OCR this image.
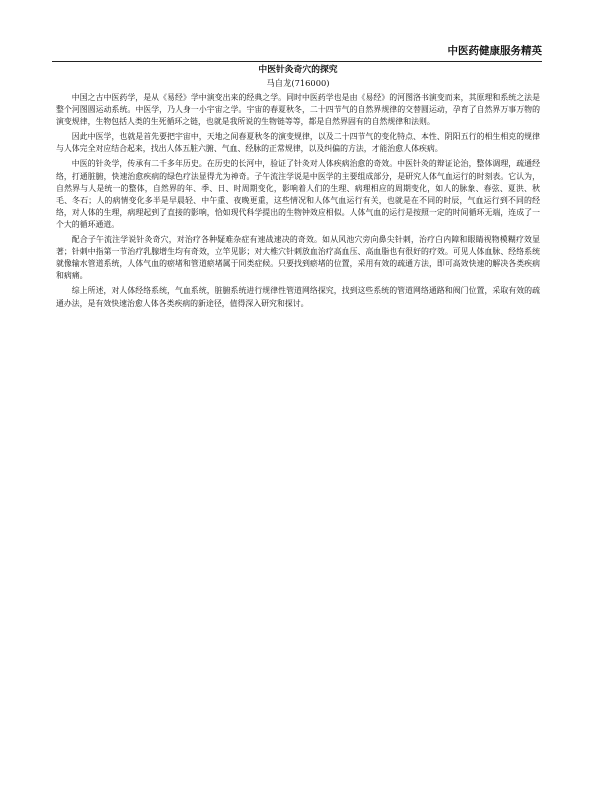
中医药健康服务精英
中医针灸奇穴的探究
马自龙(716000)

中国之古中医药学，是从《易经》学中演变出来的经典之学。同时中医药学也是由《易经》的河图洛书演变而来，其原理和系统之法是整个河图圆运动系统。中医学，乃人身一小宇宙之学。宇宙的春夏秋冬，二十四节气的自然界规律的交替圆运动，孕育了自然界万事万物的演变规律，生物包括人类的生死循环之链，也就是我所说的生物链等等，都是自然界固有的自然规律和法则。

因此中医学，也就是首先要把宇宙中，天地之间春夏秋冬的演变规律，以及二十四节气的变化特点、本性、阴阳五行的相生相克的规律与人体完全对应结合起来，找出人体五脏六腑、气血、经脉的正常规律，以及纠偏的方法，才能治愈人体疾病。

中医的针灸学，传承有二千多年历史。在历史的长河中，验证了针灸对人体疾病治愈的奇效。中医针灸的辩证论治，整体调理，疏通经络，打通脏腑，快速治愈疾病的绿色疗法显得尤为神奇。子午流注学说是中医学的主要组成部分，是研究人体气血运行的时刻表。它认为，自然界与人是统一的整体，自然界的年、季、日、时周期变化，影响着人们的生理、病理相应的周期变化，如人的脉象、春弦、夏洪、秋毛、冬石；人的病情变化多半是早晨轻、中午重、夜晚更重，这些情况和人体气血运行有关，也就是在不同的时辰，气血运行到不同的经络，对人体的生理，病理起到了直接的影响，恰如现代科学提出的生物钟效应相似。人体气血的运行是按照一定的时间循环无端，连成了一个大的循环通道。

配合子午流注学说针灸奇穴，对治疗各种疑难杂症有速战速决的奇效。如从风池穴旁向鼻尖针刺，治疗白内障和眼睛视物模糊疗效显著；针刺中指第一节治疗乳腺增生均有奇效，立竿见影；对大椎穴针刺放血治疗高血压、高血脂也有很好的疗效。可见人体血脉、经络系统就像输水管道系统，人体气血的瘀堵和管道瘀堵属于同类症候。只要找到瘀堵的位置，采用有效的疏通方法，即可高效快速的解决各类疾病和病痛。

综上所述，对人体经络系统，气血系统，脏腑系统进行规律性管道网络探究，找到这些系统的管道网络通路和阀门位置，采取有效的疏通办法，是有效快速治愈人体各类疾病的新途径，值得深入研究和探讨。
